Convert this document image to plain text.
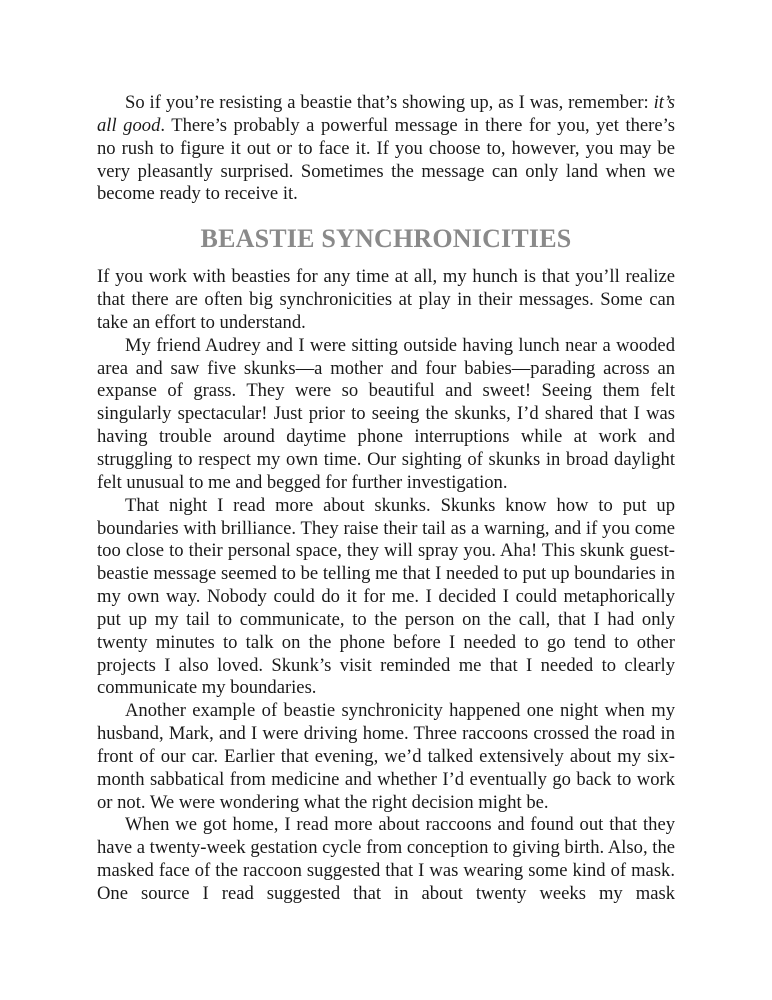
So if you’re resisting a beastie that’s showing up, as I was, remember: it’s all good. There’s probably a powerful message in there for you, yet there’s no rush to figure it out or to face it. If you choose to, however, you may be very pleasantly surprised. Sometimes the message can only land when we become ready to receive it.

BEASTIE SYNCHRONICITIES

If you work with beasties for any time at all, my hunch is that you’ll realize that there are often big synchronicities at play in their messages. Some can take an effort to understand.

My friend Audrey and I were sitting outside having lunch near a wooded area and saw five skunks—a mother and four babies—parading across an expanse of grass. They were so beautiful and sweet! Seeing them felt singularly spectacular! Just prior to seeing the skunks, I’d shared that I was having trouble around daytime phone interruptions while at work and struggling to respect my own time. Our sighting of skunks in broad daylight felt unusual to me and begged for further investigation.

That night I read more about skunks. Skunks know how to put up boundaries with brilliance. They raise their tail as a warning, and if you come too close to their personal space, they will spray you. Aha! This skunk guest-beastie message seemed to be telling me that I needed to put up boundaries in my own way. Nobody could do it for me. I decided I could metaphorically put up my tail to communicate, to the person on the call, that I had only twenty minutes to talk on the phone before I needed to go tend to other projects I also loved. Skunk’s visit reminded me that I needed to clearly communicate my boundaries.

Another example of beastie synchronicity happened one night when my husband, Mark, and I were driving home. Three raccoons crossed the road in front of our car. Earlier that evening, we’d talked extensively about my six-month sabbatical from medicine and whether I’d eventually go back to work or not. We were wondering what the right decision might be.

When we got home, I read more about raccoons and found out that they have a twenty-week gestation cycle from conception to giving birth. Also, the masked face of the raccoon suggested that I was wearing some kind of mask. One source I read suggested that in about twenty weeks my mask
